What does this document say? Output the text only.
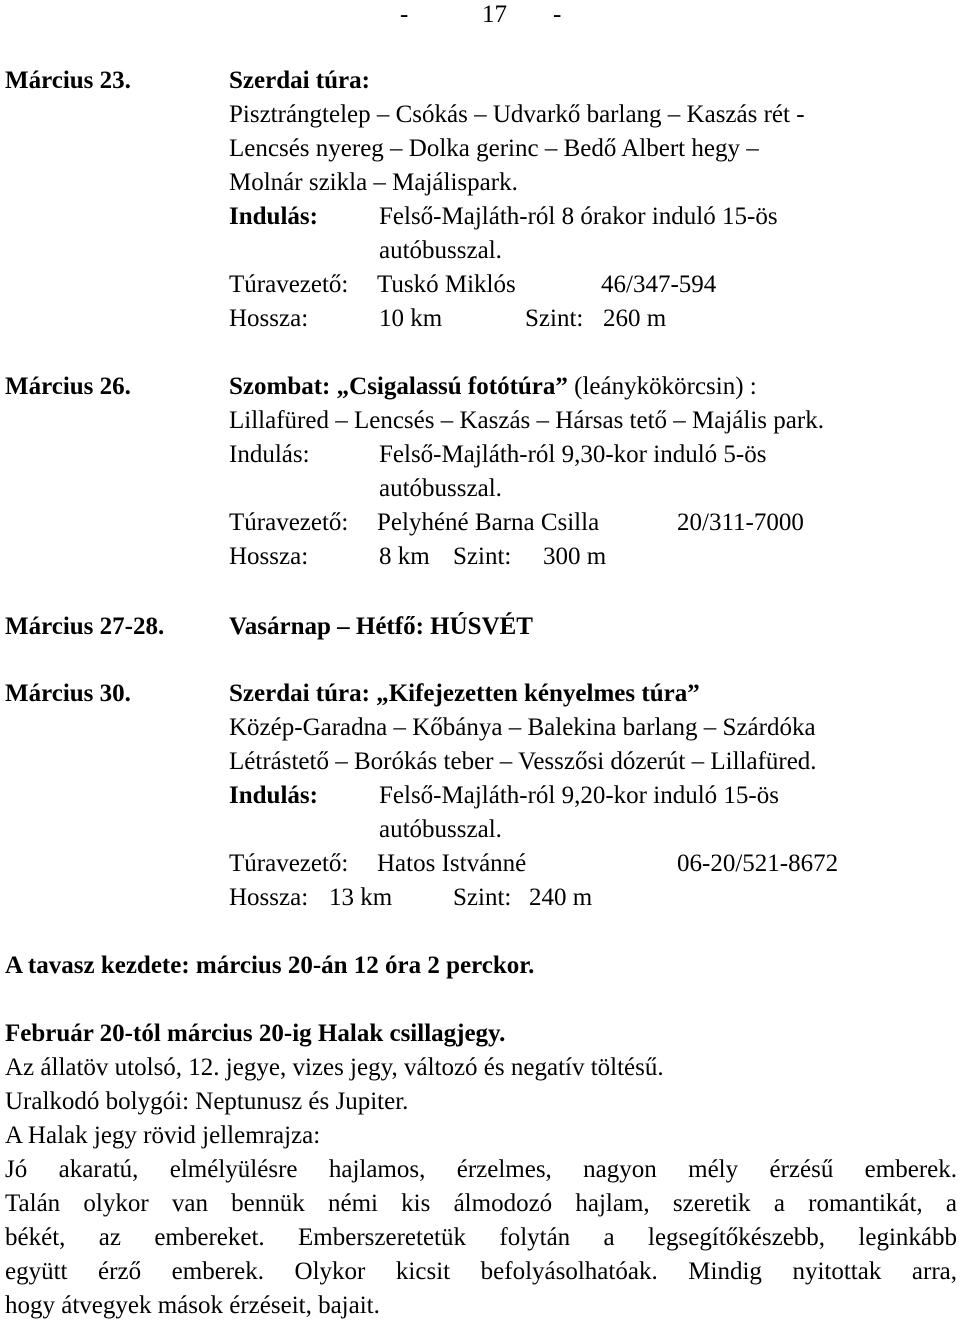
-	17 -
Március 23.	Szerdai túra:
Pisztrángtelep – Csókás – Udvarkő barlang – Kaszás rét -
Lencsés nyereg – Dolka gerinc – Bedő Albert hegy –
Molnár szikla – Majálispark.
Indulás: Felső-Majláth-ról 8 órakor induló 15-ös
autóbusszal.
Túravezető: Tuskó Miklós	46/347-594
Hossza:	10 km	Szint: 260 m
Március 26.	Szombat: „Csigalassú fotótúra” (leánykökörcsin) :
Lillafüred – Lencsés – Kaszás – Hársas tető – Majális park.
Indulás:	Felső-Majláth-ról 9,30-kor induló 5-ös
autóbusszal.
Túravezető: Pelyhéné Barna Csilla	20/311-7000
Hossza:	8 km Szint: 300 m
Március 27-28.	Vasárnap – Hétfő: HÚSVÉT
Március 30.	Szerdai túra: „Kifejezetten kényelmes túra”
Közép-Garadna – Kőbánya – Balekina barlang – Szárdóka
Létrástető – Borókás teber – Vesszősi dózerút – Lillafüred.
Indulás: Felső-Majláth-ról 9,20-kor induló 15-ös
autóbusszal.
Túravezető: Hatos Istvánné	06-20/521-8672
Hossza: 13 km Szint: 240 m
A tavasz kezdete: március 20-án 12 óra 2 perckor.
Február 20-tól március 20-ig Halak csillagjegy.
Az állatöv utolsó, 12. jegye, vizes jegy, változó és negatív töltésű.
Uralkodó bolygói: Neptunusz és Jupiter.
A Halak jegy rövid jellemrajza:
Jó akaratú, elmélyülésre hajlamos, érzelmes, nagyon mély érzésű emberek.
Talán olykor van bennük némi kis álmodozó hajlam, szeretik a romantikát, a
békét, az embereket. Emberszeretetük folytán a legsegítőkészebb, leginkább
együtt érző emberek. Olykor kicsit befolyásolhatóak. Mindig nyitottak arra,
hogy átvegyek mások érzéseit, bajait.
